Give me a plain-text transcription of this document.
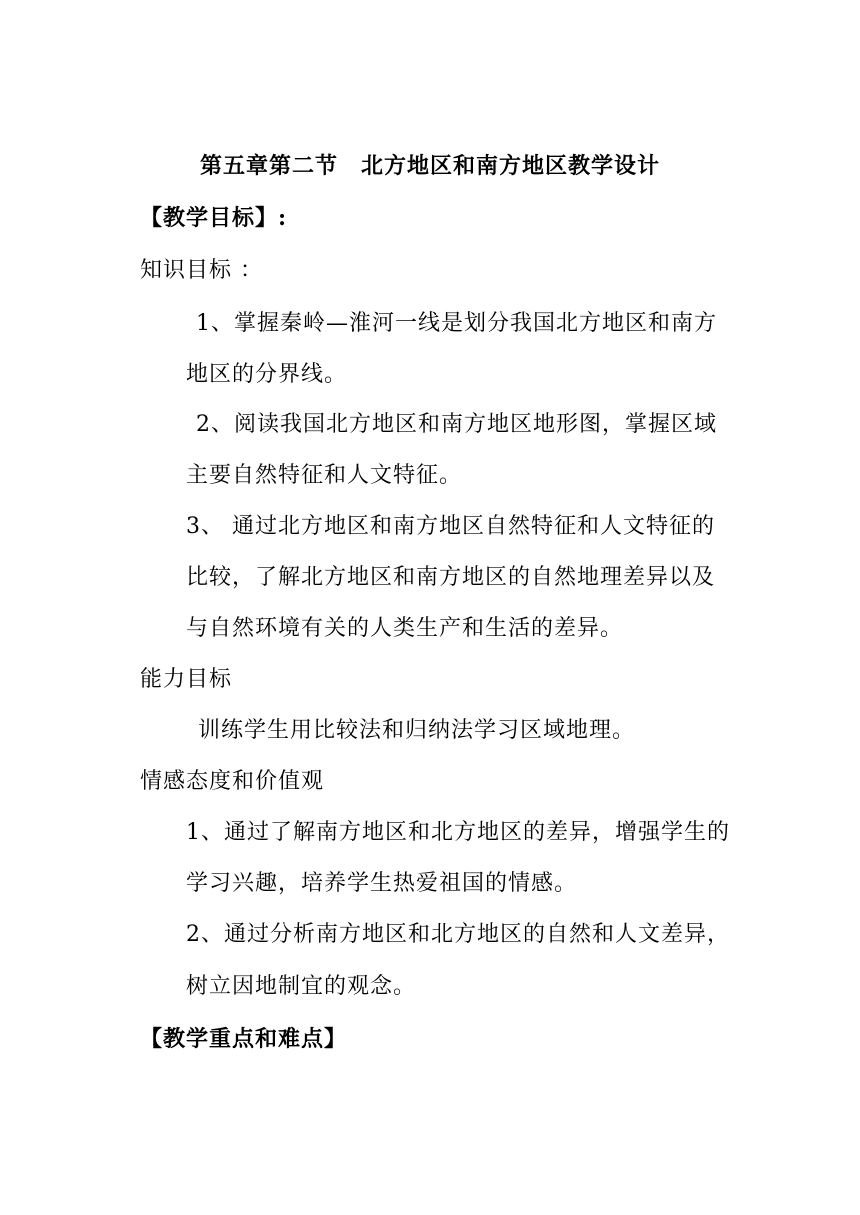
第五章第二节　北方地区和南方地区教学设计
【教学目标】:
知识目标 ：
1、掌握秦岭—淮河一线是划分我国北方地区和南方
地区的分界线。
2、阅读我国北方地区和南方地区地形图，掌握区域
主要自然特征和人文特征。
3、 通过北方地区和南方地区自然特征和人文特征的
比较，了解北方地区和南方地区的自然地理差异以及
与自然环境有关的人类生产和生活的差异。
能力目标
训练学生用比较法和归纳法学习区域地理。
情感态度和价值观
1、通过了解南方地区和北方地区的差异，增强学生的
学习兴趣，培养学生热爱祖国的情感。
2、通过分析南方地区和北方地区的自然和人文差异，
树立因地制宜的观念。
【教学重点和难点】
